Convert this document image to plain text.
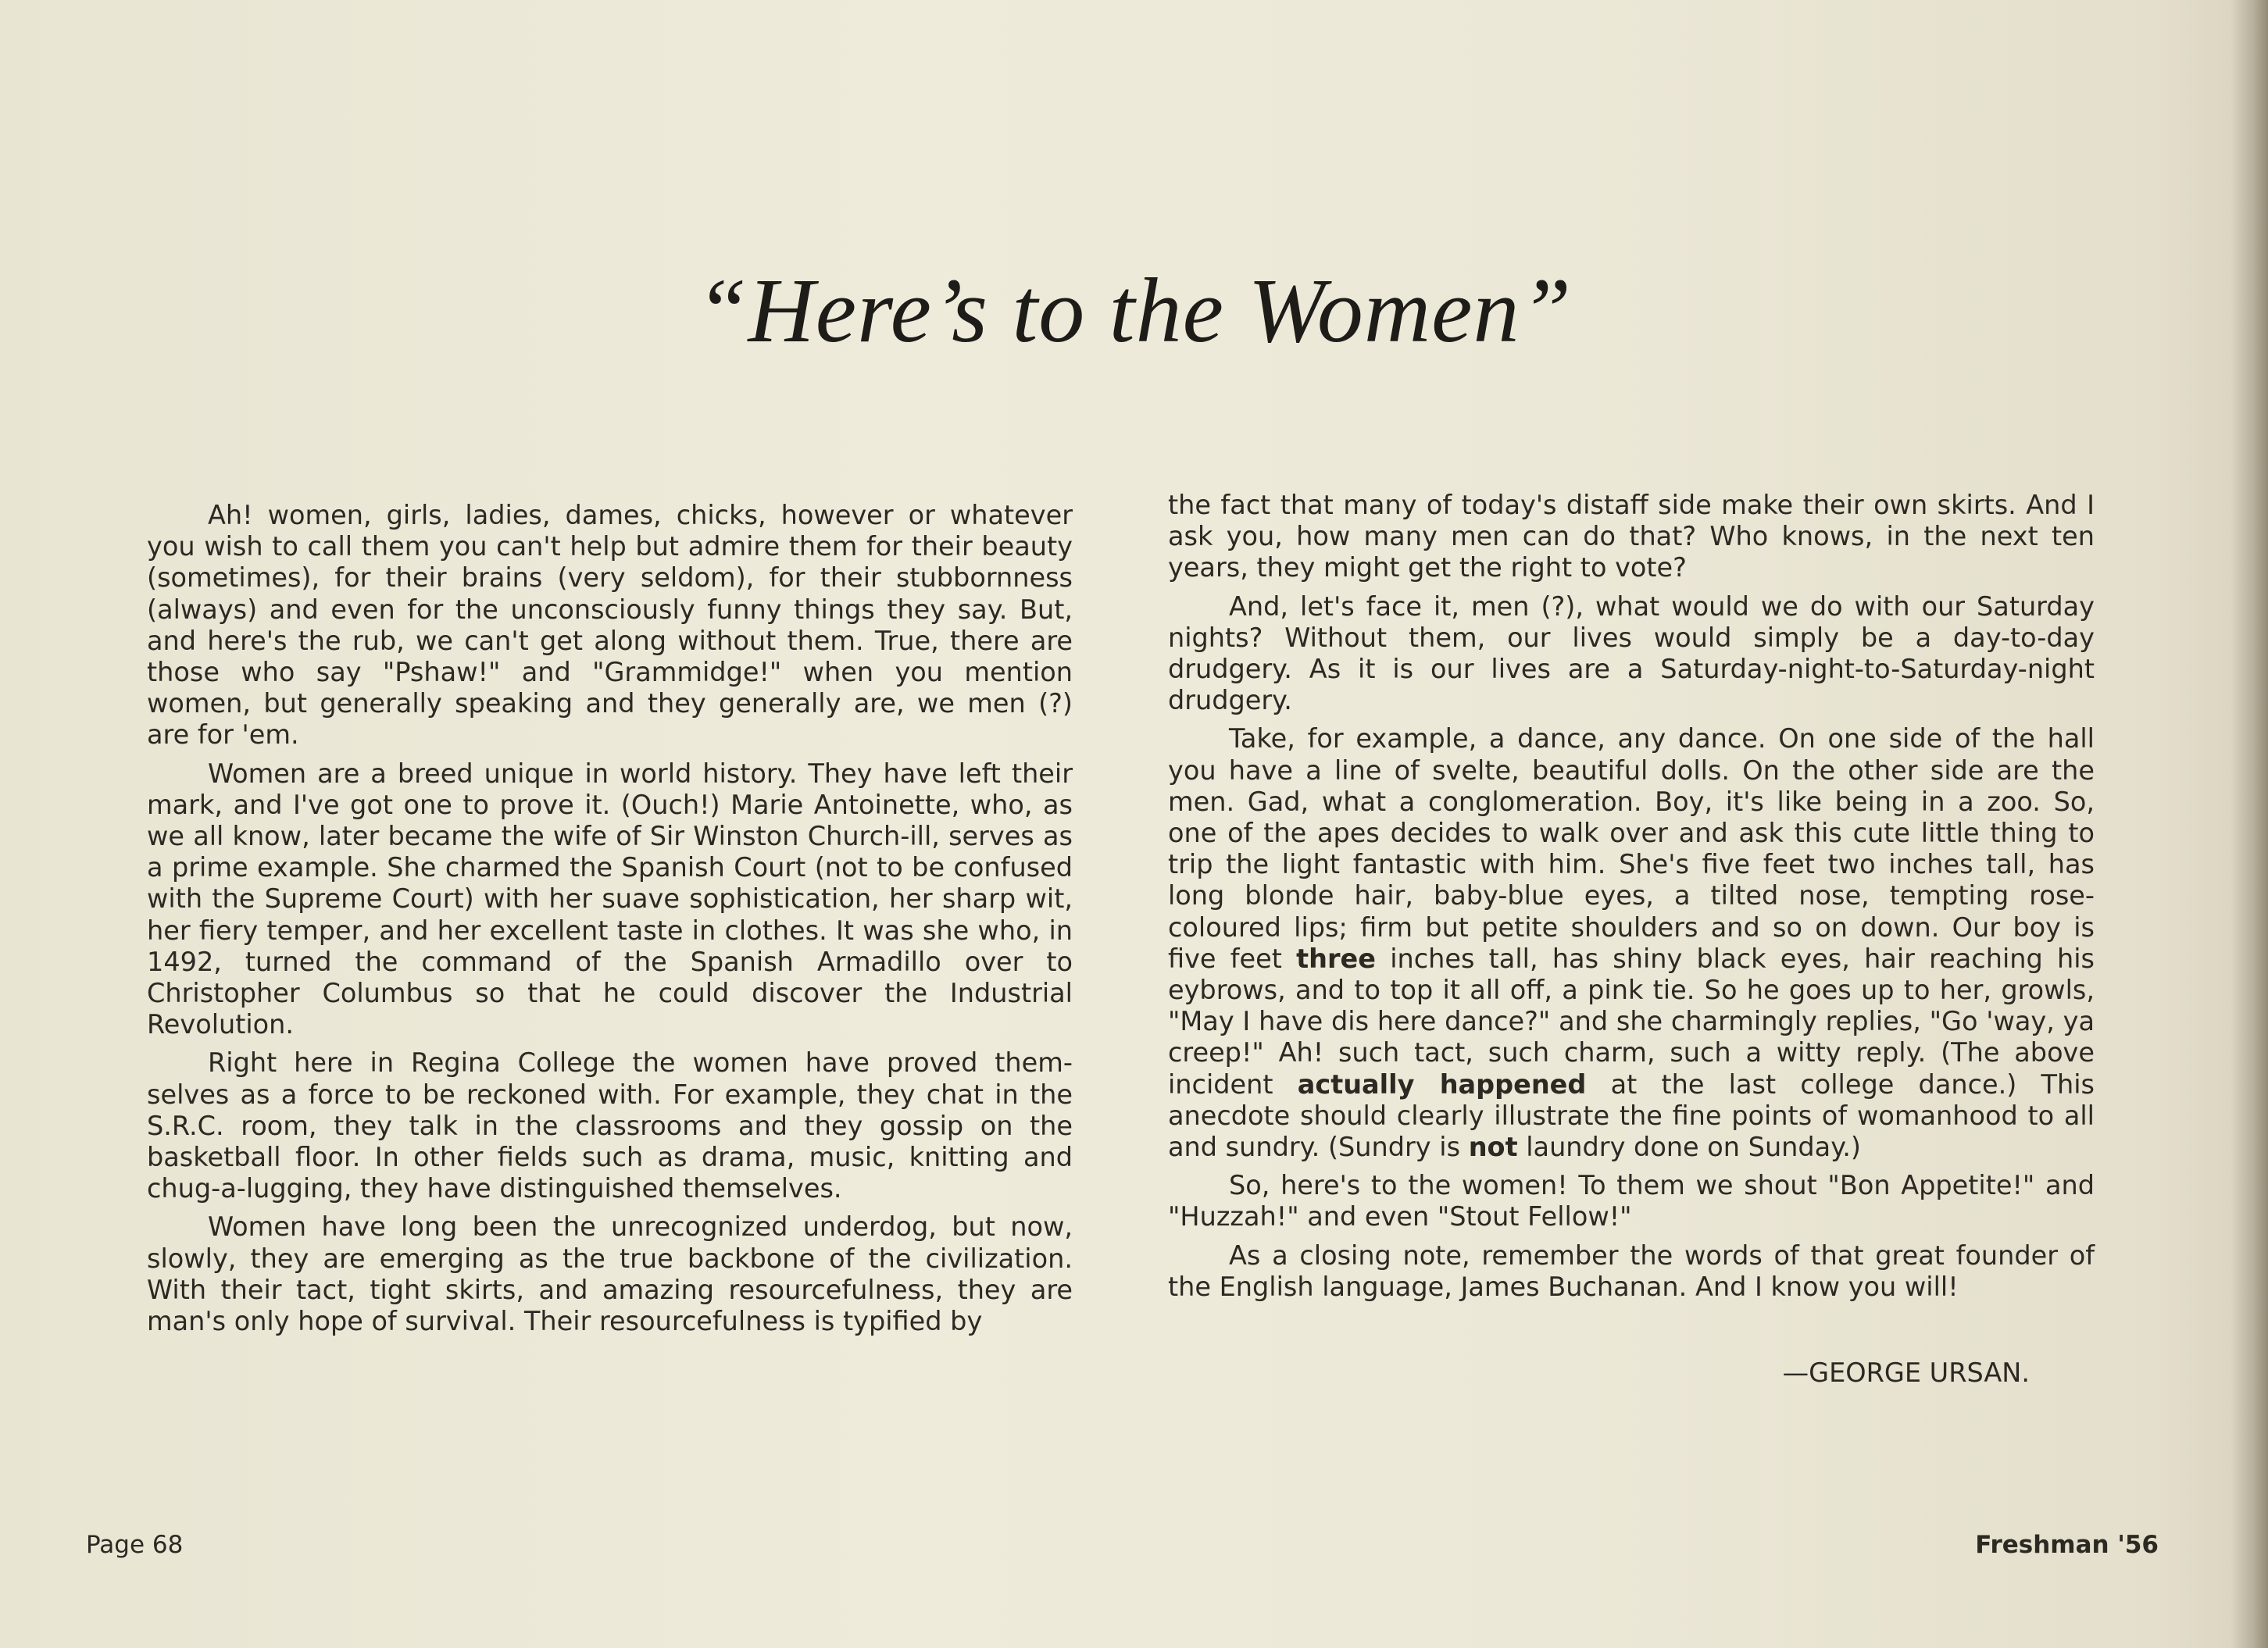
“Here’s to the Women”

Ah! women, girls, ladies, dames, chicks, however or whatever you wish to call them you can't help but admire them for their beauty (sometimes), for their brains (very seldom), for their stubbornness (always) and even for the unconsciously funny things they say. But, and here's the rub, we can't get along without them. True, there are those who say "Pshaw!" and "Grammidge!" when you mention women, but generally speaking and they generally are, we men (?) are for 'em.

Women are a breed unique in world history. They have left their mark, and I've got one to prove it. (Ouch!) Marie Antoinette, who, as we all know, later became the wife of Sir Winston Church-ill, serves as a prime example. She charmed the Spanish Court (not to be confused with the Supreme Court) with her suave sophistication, her sharp wit, her fiery temper, and her excellent taste in clothes. It was she who, in 1492, turned the command of the Spanish Armadillo over to Christopher Columbus so that he could discover the Industrial Revolution.

Right here in Regina College the women have proved them-selves as a force to be reckoned with. For example, they chat in the S.R.C. room, they talk in the classrooms and they gossip on the basketball floor. In other fields such as drama, music, knitting and chug-a-lugging, they have distinguished themselves.

Women have long been the unrecognized underdog, but now, slowly, they are emerging as the true backbone of the civilization. With their tact, tight skirts, and amazing resourcefulness, they are man's only hope of survival. Their resourcefulness is typified by

the fact that many of today's distaff side make their own skirts. And I ask you, how many men can do that? Who knows, in the next ten years, they might get the right to vote?

And, let's face it, men (?), what would we do with our Saturday nights? Without them, our lives would simply be a day-to-day drudgery. As it is our lives are a Saturday-night-to-Saturday-night drudgery.

Take, for example, a dance, any dance. On one side of the hall you have a line of svelte, beautiful dolls. On the other side are the men. Gad, what a conglomeration. Boy, it's like being in a zoo. So, one of the apes decides to walk over and ask this cute little thing to trip the light fantastic with him. She's five feet two inches tall, has long blonde hair, baby-blue eyes, a tilted nose, tempting rose-coloured lips; firm but petite shoulders and so on down. Our boy is five feet three inches tall, has shiny black eyes, hair reaching his eybrows, and to top it all off, a pink tie. So he goes up to her, growls, "May I have dis here dance?" and she charmingly replies, "Go 'way, ya creep!" Ah! such tact, such charm, such a witty reply. (The above incident actually happened at the last college dance.) This anecdote should clearly illustrate the fine points of womanhood to all and sundry. (Sundry is not laundry done on Sunday.)

So, here's to the women! To them we shout "Bon Appetite!" and "Huzzah!" and even "Stout Fellow!"

As a closing note, remember the words of that great founder of the English language, James Buchanan. And I know you will!

—GEORGE URSAN.
Page 68	Freshman '56
